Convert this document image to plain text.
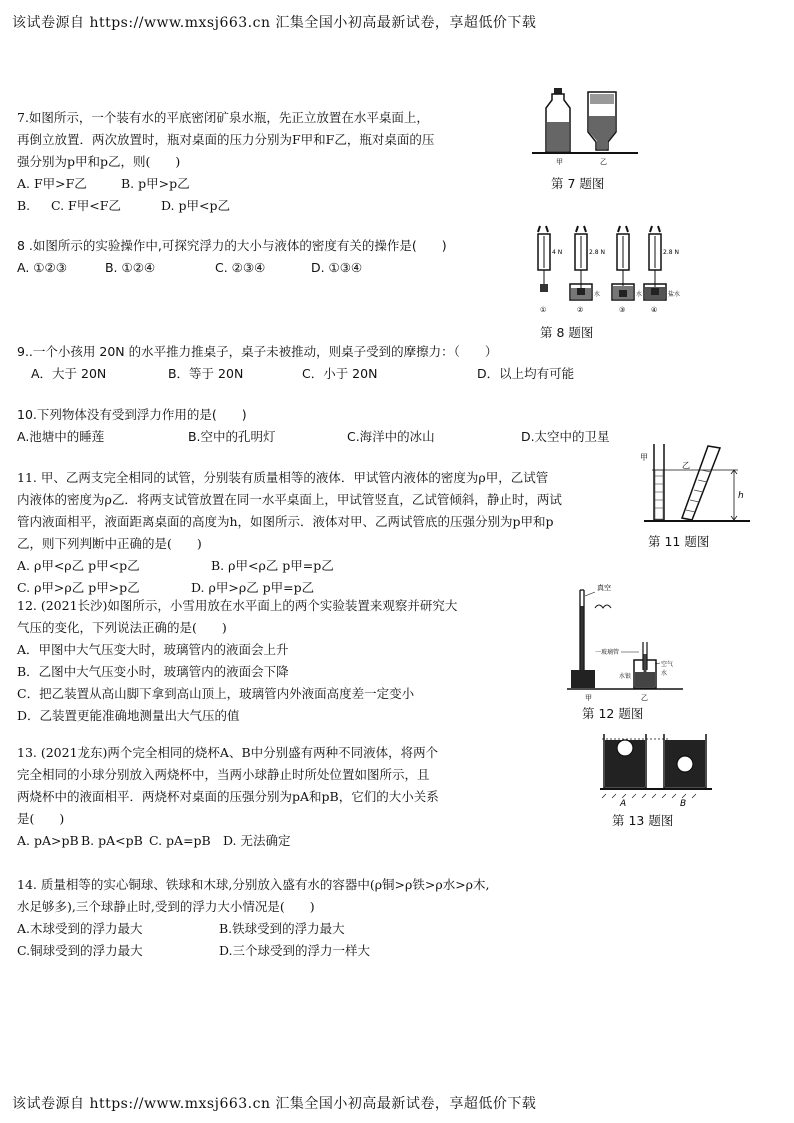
该试卷源自 https://www.mxsj663.cn 汇集全国小初高最新试卷，享超低价下载
7.如图所示，一个装有水的平底密闭矿泉水瓶，先正立放置在水平桌面上，
再倒立放置．两次放置时，瓶对桌面的压力分别为F甲和F乙，瓶对桌面的压
强分别为p甲和p乙，则(　　)
A. F甲>F乙	B. p甲>p乙
B. C. F甲<F乙	D. p甲<p乙
甲	乙
第 7 题图
8 .如图所示的实验操作中,可探究浮力的大小与液体的密度有关的操作是(　　)
A. ①②③	B. ①②④	C. ②③④	D. ①③④
4 N	2.8 N
水	水
2.8 N
盐水
①	②	③	④
第 8 题图
9..一个小孩用 20N 的水平推力推桌子，桌子未被推动，则桌子受到的摩擦力：（　　）
A．大于 20N	B．等于 20N	C．小于 20N	D．以上均有可能
10.下列物体没有受到浮力作用的是(　　)
A.池塘中的睡莲	B.空中的孔明灯	C.海洋中的冰山	D.太空中的卫星
11. 甲、乙两支完全相同的试管，分别装有质量相等的液体．甲试管内液体的密度为ρ甲，乙试管
内液体的密度为ρ乙．将两支试管放置在同一水平桌面上，甲试管竖直，乙试管倾斜，静止时，两试
管内液面相平，液面距离桌面的高度为h，如图所示．液体对甲、乙两试管底的压强分别为p甲和p
乙，则下列判断中正确的是(　　)
A. ρ甲<ρ乙 p甲<p乙	B. ρ甲<ρ乙 p甲=p乙
C. ρ甲>ρ乙 p甲>p乙	D. ρ甲>ρ乙 p甲=p乙
甲
乙
h
第 11 题图
12. (2021长沙)如图所示，小雪用放在水平面上的两个实验装置来观察并研究大
气压的变化，下列说法正确的是(　　)
A．甲图中大气压变大时，玻璃管内的液面会上升
B．乙图中大气压变小时，玻璃管内的液面会下降
C．把乙装置从高山脚下拿到高山顶上，玻璃管内外液面高度差一定变小
D．乙装置更能准确地测量出大气压的值
真空
甲
一玻璃管
水银
空气
水
乙
第 12 题图
13. (2021龙东)两个完全相同的烧杯A、B中分别盛有两种不同液体，将两个
完全相同的小球分别放入两烧杯中，当两小球静止时所处位置如图所示，且
两烧杯中的液面相平．两烧杯对桌面的压强分别为pA和pB，它们的大小关系
是(　　)
A. pA>pB B. pA<pB C. pA=pB D. 无法确定
A	B
第 13 题图
14. 质量相等的实心铜球、铁球和木球,分别放入盛有水的容器中(ρ铜>ρ铁>ρ水>ρ木,
水足够多),三个球静止时,受到的浮力大小情况是(　　)
A.木球受到的浮力最大	B.铁球受到的浮力最大
C.铜球受到的浮力最大	D.三个球受到的浮力一样大
该试卷源自 https://www.mxsj663.cn 汇集全国小初高最新试卷，享超低价下载
